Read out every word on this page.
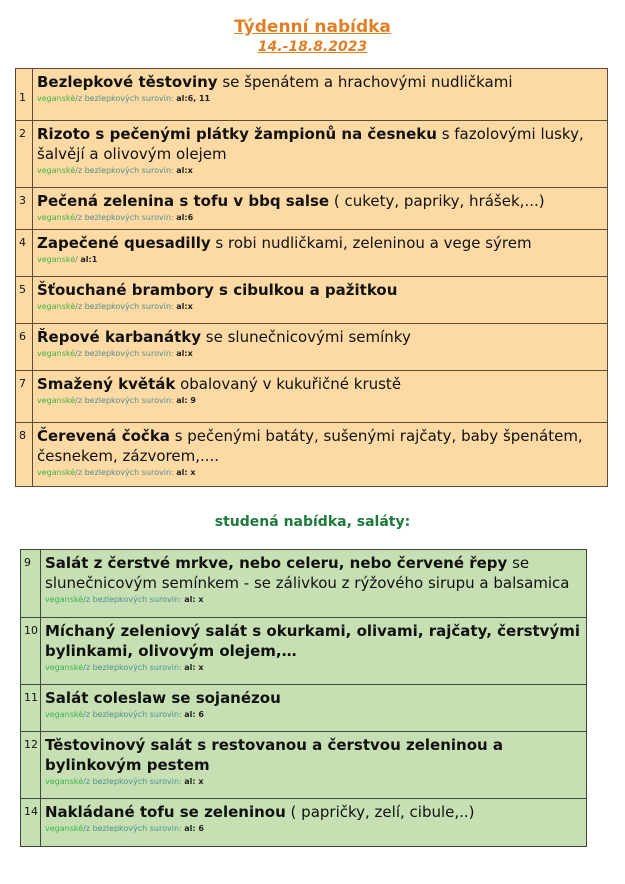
Týdenní nabídka
14.-18.8.2023
1	Bezlepkové těstoviny se špenátem a hrachovými nudličkami
veganské/z bezlepkových surovin: al:6, 11

2	Rizoto s pečenými plátky žampionů na česneku s fazolovými lusky, šalvějí a olivovým olejem
veganské/z bezlepkových surovin: al:x

3	Pečená zelenina s tofu v bbq salse ( cukety, papriky, hrášek,...)
veganské/z bezlepkových surovin: al:6

4	Zapečené quesadilly s robi nudličkami, zeleninou a vege sýrem
veganské/ al:1

5	Šťouchané brambory s cibulkou a pažitkou
veganské/z bezlepkových surovin: al:x

6	Řepové karbanátky se slunečnicovými semínky
veganské/z bezlepkových surovin: al:x

7	Smažený květák obalovaný v kukuřičné krustě
veganské/z bezlepkových surovin: al: 9

8	Čerevená čočka s pečenými batáty, sušenými rajčaty, baby špenátem, česnekem, zázvorem,....
veganské/z bezlepkových surovin: al: x
studená nabídka, saláty:
9	Salát z čerstvé mrkve, nebo celeru, nebo červené řepy se slunečnicovým semínkem - se zálivkou z rýžového sirupu a balsamica
veganské/z bezlepkových surovin: al: x

10	Míchaný zeleniový salát s okurkami, olivami, rajčaty, čerstvými bylinkami, olivovým olejem,…
veganské/z bezlepkových surovin: al: x

11	Salát coleslaw se sojanézou
veganské/z bezlepkových surovin: al: 6

12	Těstovinový salát s restovanou a čerstvou zeleninou a bylinkovým pestem
veganské/z bezlepkových surovin: al: x

14	Nakládané tofu se zeleninou ( papričky, zelí, cibule,..)
veganské/z bezlepkových surovin: al: 6
